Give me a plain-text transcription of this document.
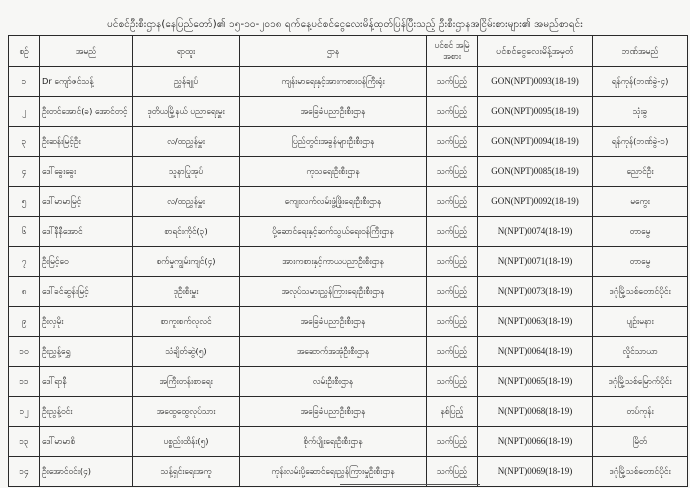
ပင်စင်ဦးစီးဌာန(နေပြည်တော်)၏ ၁၅-၁၀-၂၀၁၈ ရက်နေ့ပင်စင်ငွေလေးမိန့်ထုတ်ပြန်ပြီးသည့် ဦးစီးဌာနအငြိမ်းစားများ၏ အမည်စာရင်း
စဉ်	အမည်	ရာထူး	ဌာန	ပင်စင် အမြဲအစား	ပင်စင်ငွေလေးမိန့်အမှတ်	ဘဏ်အမည်
၁	Dr ကျော်ဇင်သန့်	ညွှန်ချုပ်	ကျန်းမာရေးနှင့်အားကစားဝန်ကြီးရုံး	သက်ပြည့်	GON(NPT)0093(18-19)	ရန်ကုန်(ဘဏ်ခွဲ-၄)
၂	ဦးတင်အောင်(ခ) အောင်တင့်	ဒုတိယမြို့နယ် ပညာရေးမှူး	အခြေခံပညာဦးစီးဌာန	သက်ပြည့်	GON(NPT)0095(18-19)	သုံးခွ
၃	ဦးဆန်းမြင့်ဦး	လ/ထညွှန်မှူး	ပြည်တွင်းအခွန်များဦးစီးဌာန	သက်ပြည့်	GON(NPT)0094(18-19)	ရန်ကုန်(ဘဏ်ခွဲ-၁)
၄	ဒေါ်ခွေးခွေး	သူနာပြုအုပ်	ကုသရေးဦးစီးဌာန	သက်ပြည့်	GON(NPT)0085(18-19)	ညောင်ဦး
၅	ဒေါ်မာမာမြင့်	လ/ထညွှန်မှူး	ကျေးလက်လမ်းဖွံ့ဖြိုးရေးဦးစီးဌာန	သက်ပြည့်	GON(NPT)0092(18-19)	မကွေး
၆	ဒေါ်နီနီအောင်	စာရင်းကိုင်(၃)	ပို့ဆောင်ရေးနှင့်ဆက်သွယ်ရေးဝန်ကြီးဌာန	သက်ပြည့်	N(NPT)0074(18-19)	တာမွေ
၇	ဦးမြင့်ဝေ	စက်မှုကျွမ်းကျင်(၄)	အားကစားနှင့်ကာယပညာဦးစီးဌာန	သက်ပြည့်	N(NPT)0071(18-19)	တာမွေ
၈	ဒေါ်ခင်ဆွန်းမြင့်	ဒုဦးစီးမှူး	အလုပ်သမားညွှန်ကြားရေးဦးစီးဌာန	သက်ပြည့်	N(NPT)0073(18-19)	ဒဂုံမြို့သစ်တောင်ပိုင်း
၉	ဦးလှမိုး	စာကူးစက်လုလင်	အခြေခံပညာဦးစီးဌာန	သက်ပြည့်	N(NPT)0063(18-19)	ပျဉ်းမနား
၁၀	ဦးညွှန့်ရွှေ	သံချိတ်ဆွဲ(၅)	အဆောက်အအုံဦးစီးဌာန	သက်ပြည့်	N(NPT)0064(18-19)	လှိုင်သာယာ
၁၁	ဒေါ်ရာနီ	အကြီးတန်းစာရေး	လမ်းဦးစီးဌာန	သက်ပြည့်	N(NPT)0065(18-19)	ဒဂုံမြို့သစ်မြောက်ပိုင်း
၁၂	ဦးညွန့်ဝင်း	အထွေထွေလုပ်သား	အခြေခံပညာဦးစီးဌာန	နစ်ပြည့်	N(NPT)0068(18-19)	တပ်ကုန်း
၁၃	ဒေါ်မာမာစိ	ပစ္စည်းထိန်း(၅)	စိုက်ပျိုးရေးဦးစီးဌာန	သက်ပြည့်	N(NPT)0066(18-19)	မြိတ်
၁၄	ဦးအောင်ဝင်း(၄)	သန့်ရှင်းရေးအကူ	ကုန်းလမ်းပို့ဆောင်ရေးညွှန်ကြားမှုဦးစီးဌာန	သက်ပြည့်	N(NPT)0069(18-19)	ဒဂုံမြို့သစ်တောင်ပိုင်း
